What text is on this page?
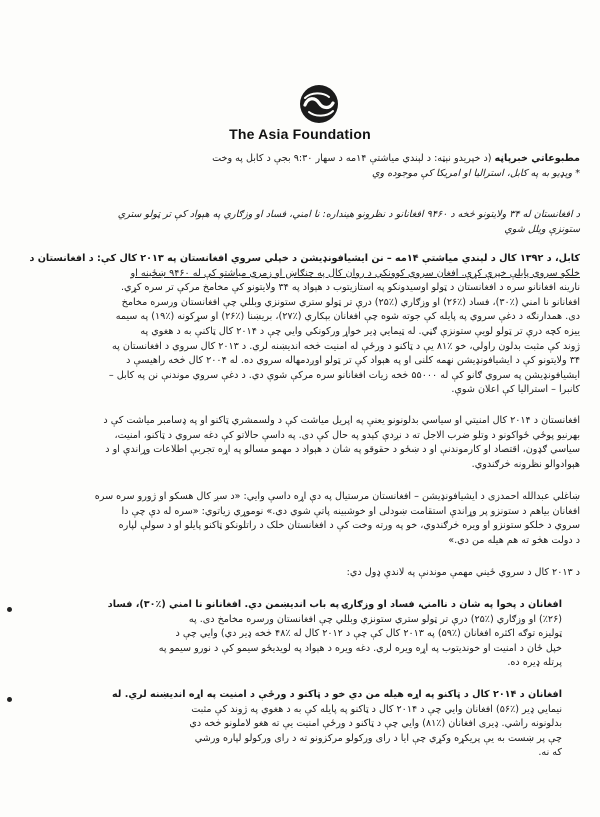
The Asia Foundation
مطبوعاتي خبرپاڼه (د خپريدو نېټه: د لېندي مياشتې ۱۴مه د سهار ۹:۳۰ بجې د کابل په وخت
* ويډيو به په کابل، استراليا او امريکا کې موجوده وي
د افغانستان له ۳۴ ولايتونو څخه د ۹۴۶۰ افغانانو د نظرونو هينداره: نا امني، فساد او وزګاري په هېواد کې تر ټولو ستري
ستونزې ويلل شوي
کابل، د ۱۳۹۲ کال د لېندي مياشتې ۱۴مه – نن ايشيافونډيشن د خپلي سروي افغانستان په ۲۰۱۳ کال کې: د افغانستان د
خلکو سروي پايلې خپرې کړې. افغان سروي کوونکي د روان کال په چنګاښ او زمري مياشتو کې له ۹۴۶۰ ښځينه او
نارينه افغانانو سره د افغانستان د ټولو اوسيدونکو په استازيتوب د هېواد په ۳۴ ولايتونو کې مخامخ مرکې تر سره کړي.
افغانانو نا امني (٪۳۰)، فساد (٪۲۶) او وزګاري (٪۲۵) درې تر ټولو ستري ستونزي وبللي چې افغانستان ورسره مخامخ
دی. همدارنګه د دغې سروي په پايله کې جوته شوه چې افغانان بېکاري (٪۲۷)، بريښنا (٪۲۶) او سړکونه (٪۱۹) په سيمه
ييزه کچه درې تر ټولو لويې ستونزې ګڼي. له ټيمايي ډير خواړ ورکونکي وايي چې د ۲۰۱۴ کال ټاکنې به د هغوي په
ژوند کې مثبت بدلون راولي، خو ٪۸۱ يې د ټاکنو د ورځې له امنيت څخه انديښنه لري. د ۲۰۱۳ کال سروي د افغانستان په
۳۴ ولايتونو کې د ايشيافونډيشن نهمه کلنی او په هېواد کې تر ټولو اوږدمهاله سروي ده. له ۲۰۰۴ کال څخه راهيسې د
ايشيافونډيشن په سروي ګانو کې له ۵۵۰۰۰ څخه زيات افغانانو سره مرکې شوې دي. د دغې سروي موندنې نن په کابل –
کانبرا – استراليا کې اعلان شوې.
افغانستان د ۲۰۱۴ کال امنيتي او سياسي بدلونونو يعنې په اپريل مياشت کې د ولسمشري ټاکنو او په ډسامبر مياشت کې د
بهرنيو پوځي ځواکونو د وتلو ضرب الاجل ته د نږدې کېدو په حال کې دی. په داسې حالاتو کې دغه سروي د ټاکنو، امنيت،
سياسي ګډون، اقتصاد او کارموندنې او د ښځو د حقوقو په شان د هېواد د مهمو مسالو په اړه تجربې اطلاعات وړاندې او د
هېوادوالو نظرونه څرګندوي.
ښاغلي عبدالله احمدزی د ايشيافونډيشن – افغانستان مرستيال په دې اړه داسې وايي: «د سږ کال هسکو او ژورو سره سره
افغانان بياهم د ستونزو پر وړاندې استقامت ښودلی او خوشبينه پاتې شوي دي.» نوموړي زياتوي: «سره له دې چې دا
سروي د خلکو ستونزو او ويره څرګندوي، خو په ورته وخت کې د افغانستان خلک د راتلونکو ټاکنو پايلو او د سولې لپاره
د دولت هڅو ته هم هيله من دي.»
د ۲۰۱۳ کال د سروي ځيني مهمې موندنې په لاندې ډول دي:
افغانان د پخوا په شان د ناامنۍ، فساد او وزګارۍ په باب انديښمن دي. افغانانو نا امني (٪۳۰)، فساد
(٪۲۶) او وزګاري (٪۲۵) درې تر ټولو ستري ستونزي وبللي چې افغانستان ورسره مخامخ دی. په
ټوليزه توګه اکثره افغانان (٪۵۹) په ۲۰۱۳ کال کې چې د ۲۰۱۲ کال له ٪۴۸ څخه ډير دي) وايي چې د
خپل ځان د امنيت او خوندیتوب په اړه ويره لري. دغه ويره د هېواد په لويديځو سيمو کې د نورو سيمو په
پرتله ډيره ده.
افغانان د ۲۰۱۴ کال د ټاکنو په اړه هيله من دي خو د ټاکنو د ورځې د امنيت په اړه انديښنه لري. له
نيمايي ډير (٪۵۶) افغانان وايي چې د ۲۰۱۴ کال د ټاکنو په پايله کې به د هغوي په ژوند کې مثبت
بدلونونه راشي. ډيری افغانان (٪۸۱) وايي چې د ټاکنو د ورځې امنيت يې ته هغو لاملونو څخه دي
چې پر ښست به يې پريکړه وکړي چې ايا د رای ورکولو مرکزونو ته د رای ورکولو لپاره ورشي
که نه.
